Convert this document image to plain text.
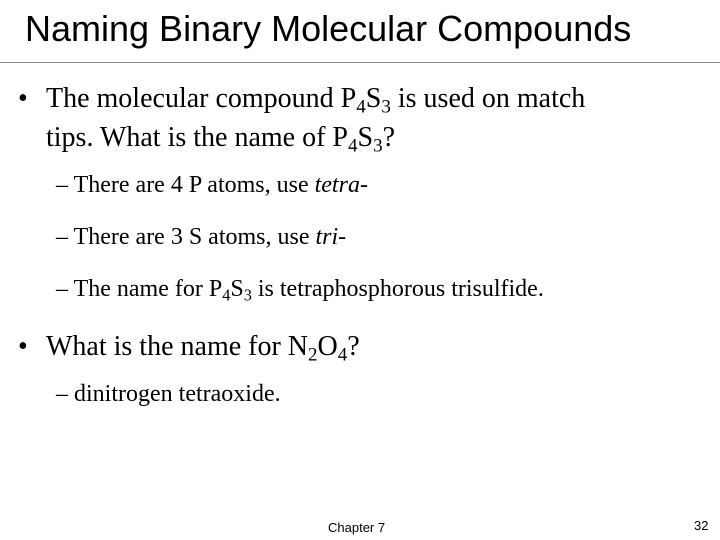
Naming Binary Molecular Compounds
• The molecular compound $P_4S_3$ is used on match
tips. What is the name of $P_4S_3$?
– There are 4 P atoms, use tetra-
– There are 3 S atoms, use tri-
– The name for $P_4S_3$ is tetraphosphorous trisulfide.
• What is the name for $N_2O_4$?
– dinitrogen tetraoxide.
Chapter 7	32
